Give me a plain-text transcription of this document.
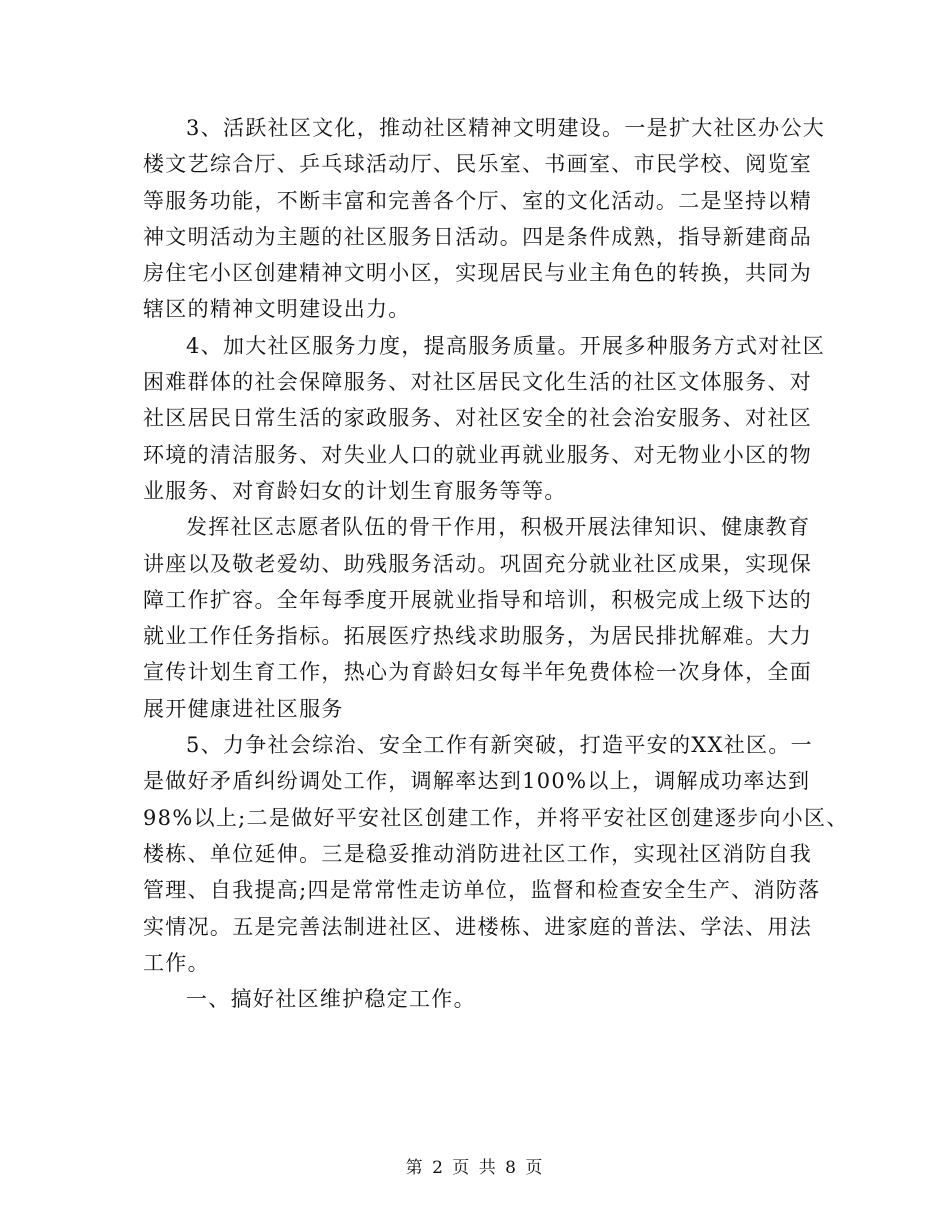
3、活跃社区文化，推动社区精神文明建设。一是扩大社区办公大
楼文艺综合厅、乒乓球活动厅、民乐室、书画室、市民学校、阅览室
等服务功能，不断丰富和完善各个厅、室的文化活动。二是坚持以精
神文明活动为主题的社区服务日活动。四是条件成熟，指导新建商品
房住宅小区创建精神文明小区，实现居民与业主角色的转换，共同为
辖区的精神文明建设出力。
4、加大社区服务力度，提高服务质量。开展多种服务方式对社区
困难群体的社会保障服务、对社区居民文化生活的社区文体服务、对
社区居民日常生活的家政服务、对社区安全的社会治安服务、对社区
环境的清洁服务、对失业人口的就业再就业服务、对无物业小区的物
业服务、对育龄妇女的计划生育服务等等。
发挥社区志愿者队伍的骨干作用，积极开展法律知识、健康教育
讲座以及敬老爱幼、助残服务活动。巩固充分就业社区成果，实现保
障工作扩容。全年每季度开展就业指导和培训，积极完成上级下达的
就业工作任务指标。拓展医疗热线求助服务，为居民排扰解难。大力
宣传计划生育工作，热心为育龄妇女每半年免费体检一次身体，全面
展开健康进社区服务
5、力争社会综治、安全工作有新突破，打造平安的XX社区。一
是做好矛盾纠纷调处工作，调解率达到100%以上，调解成功率达到
98%以上;二是做好平安社区创建工作，并将平安社区创建逐步向小区、
楼栋、单位延伸。三是稳妥推动消防进社区工作，实现社区消防自我
管理、自我提高;四是常常性走访单位，监督和检查安全生产、消防落
实情况。五是完善法制进社区、进楼栋、进家庭的普法、学法、用法
工作。
一、搞好社区维护稳定工作。
第 2 页 共 8 页
